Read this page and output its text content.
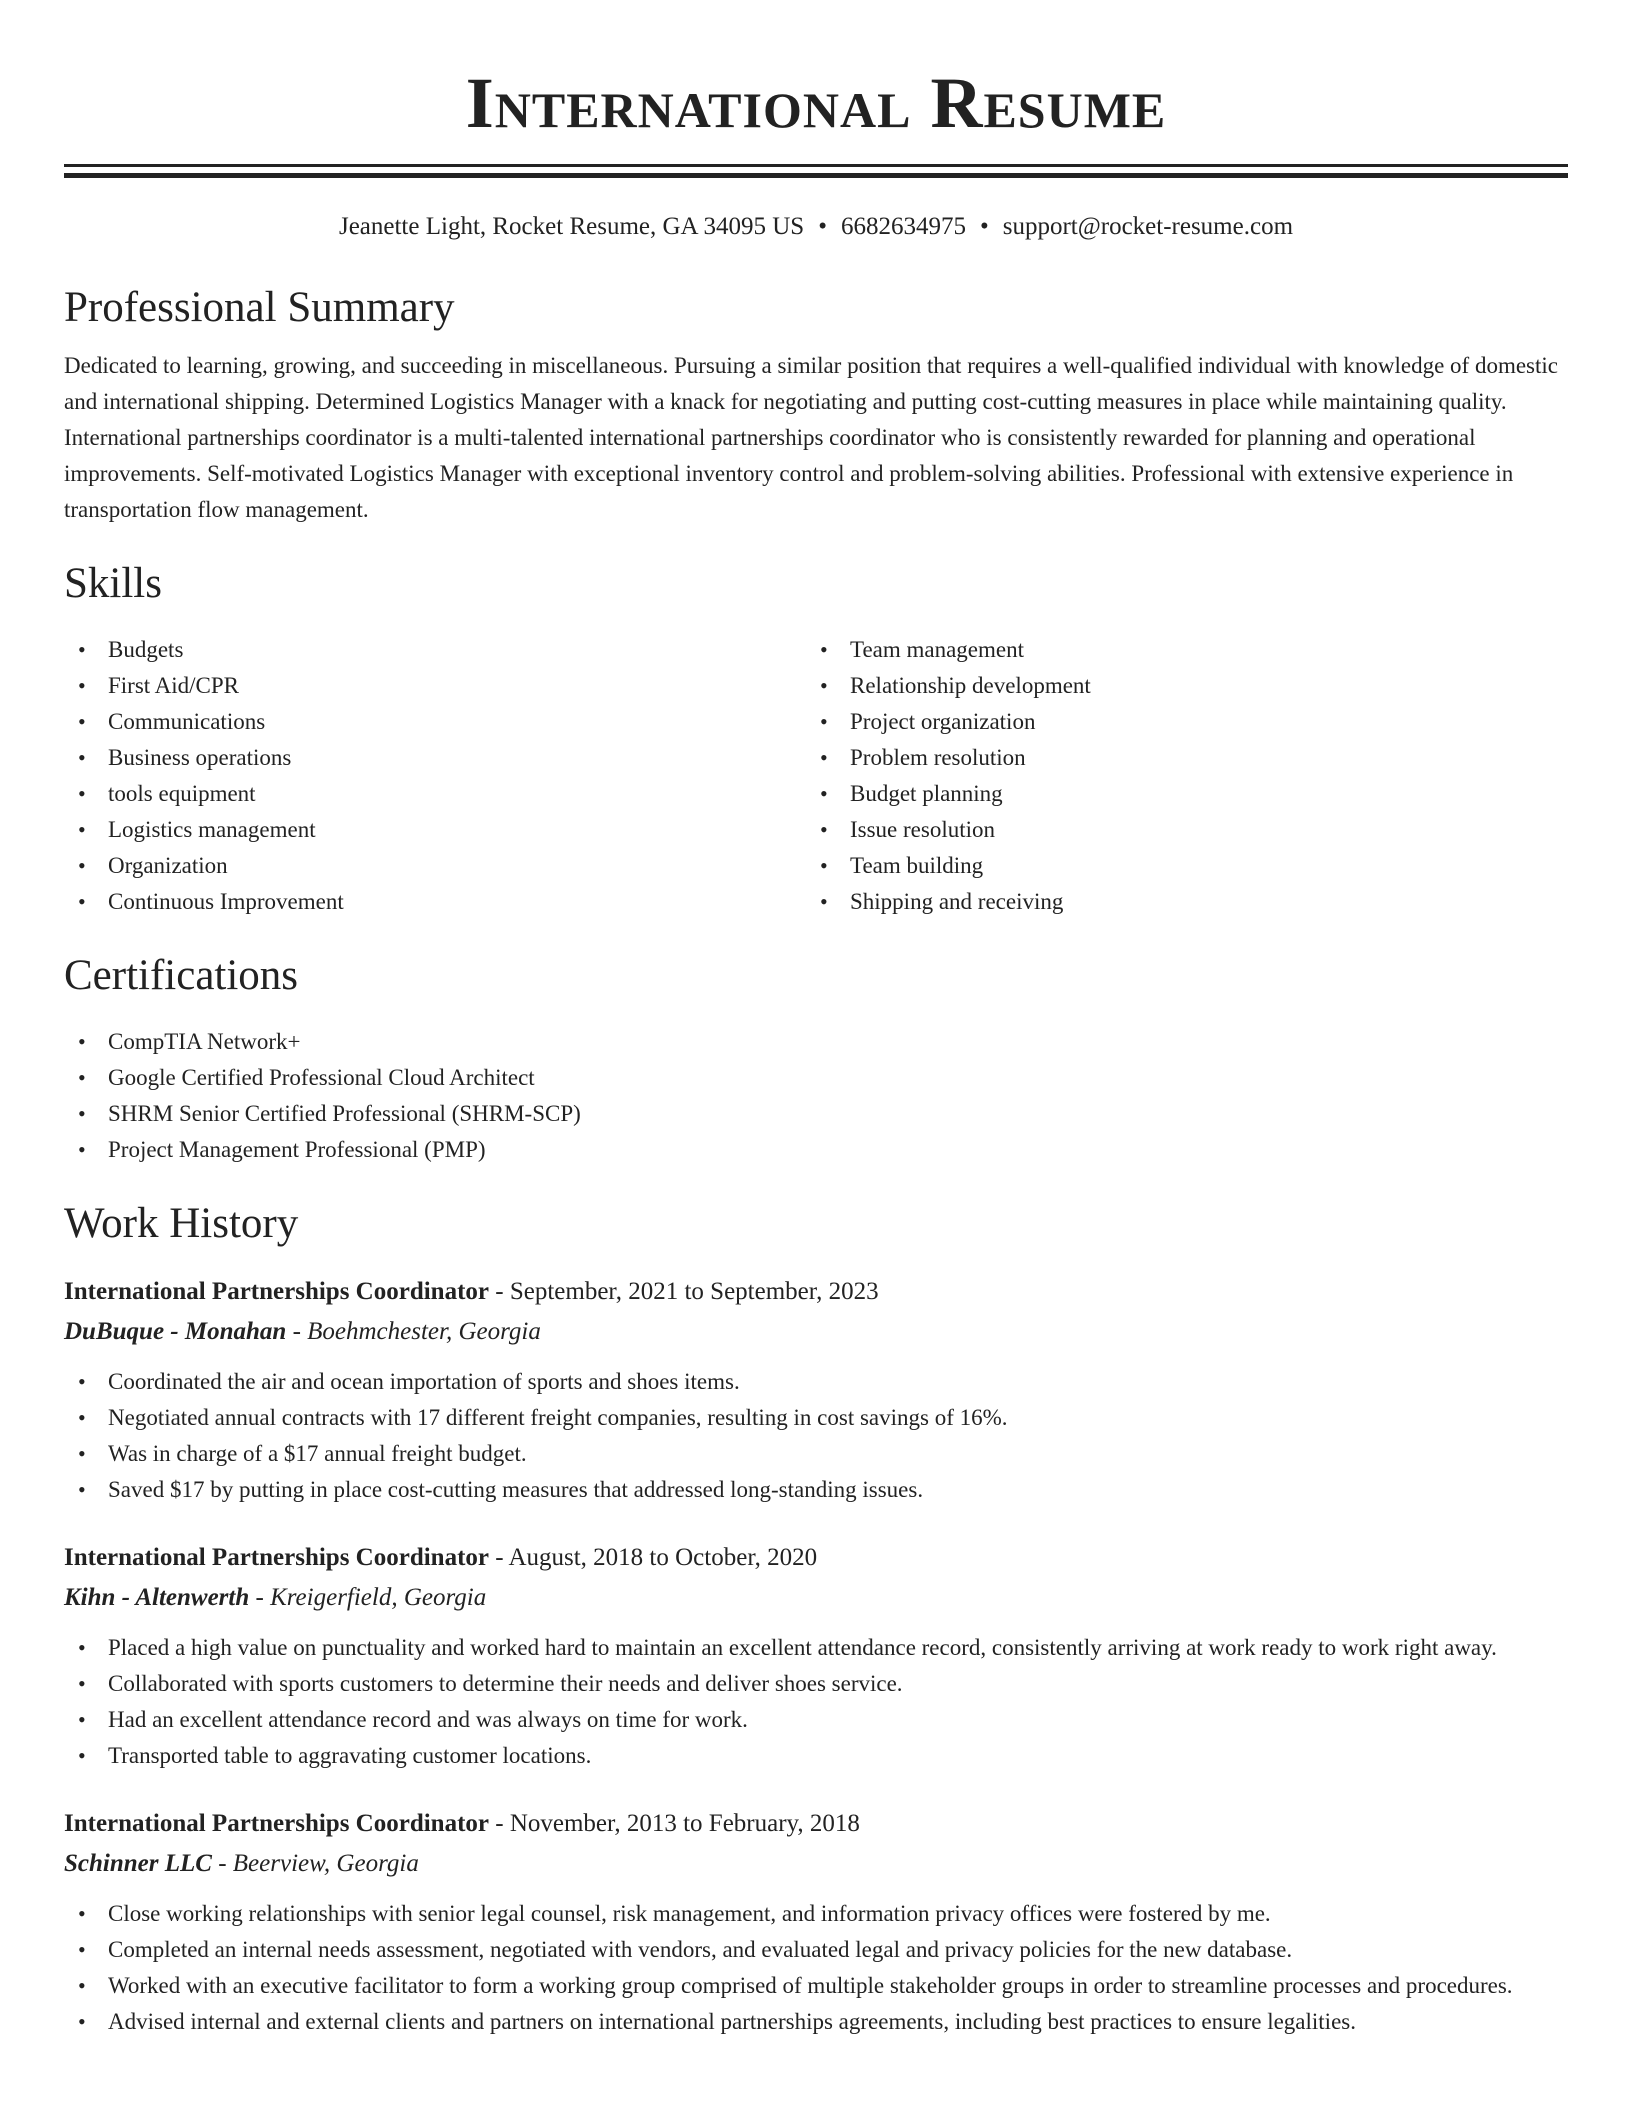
International Resume
Jeanette Light, Rocket Resume, GA 34095 US • 6682634975 • support@rocket-resume.com
Professional Summary

Dedicated to learning, growing, and succeeding in miscellaneous. Pursuing a similar position that requires a well-qualified individual with knowledge of domestic and international shipping. Determined Logistics Manager with a knack for negotiating and putting cost-cutting measures in place while maintaining quality. International partnerships coordinator is a multi-talented international partnerships coordinator who is consistently rewarded for planning and operational improvements. Self-motivated Logistics Manager with exceptional inventory control and problem-solving abilities. Professional with extensive experience in transportation flow management.

Skills
• Budgets
• First Aid/CPR
• Communications
• Business operations
• tools equipment
• Logistics management
• Organization
• Continuous Improvement
• Team management
• Relationship development
• Project organization
• Problem resolution
• Budget planning
• Issue resolution
• Team building
• Shipping and receiving
Certifications
• CompTIA Network+
• Google Certified Professional Cloud Architect
• SHRM Senior Certified Professional (SHRM-SCP)
• Project Management Professional (PMP)
Work History
International Partnerships Coordinator - September, 2021 to September, 2023
DuBuque - Monahan - Boehmchester, Georgia
• Coordinated the air and ocean importation of sports and shoes items.
• Negotiated annual contracts with 17 different freight companies, resulting in cost savings of 16%.
• Was in charge of a $17 annual freight budget.
• Saved $17 by putting in place cost-cutting measures that addressed long-standing issues.
International Partnerships Coordinator - August, 2018 to October, 2020
Kihn - Altenwerth - Kreigerfield, Georgia
• Placed a high value on punctuality and worked hard to maintain an excellent attendance record, consistently arriving at work ready to work right away.
• Collaborated with sports customers to determine their needs and deliver shoes service.
• Had an excellent attendance record and was always on time for work.
• Transported table to aggravating customer locations.
International Partnerships Coordinator - November, 2013 to February, 2018
Schinner LLC - Beerview, Georgia
• Close working relationships with senior legal counsel, risk management, and information privacy offices were fostered by me.
• Completed an internal needs assessment, negotiated with vendors, and evaluated legal and privacy policies for the new database.
• Worked with an executive facilitator to form a working group comprised of multiple stakeholder groups in order to streamline processes and procedures.
• Advised internal and external clients and partners on international partnerships agreements, including best practices to ensure legalities.
